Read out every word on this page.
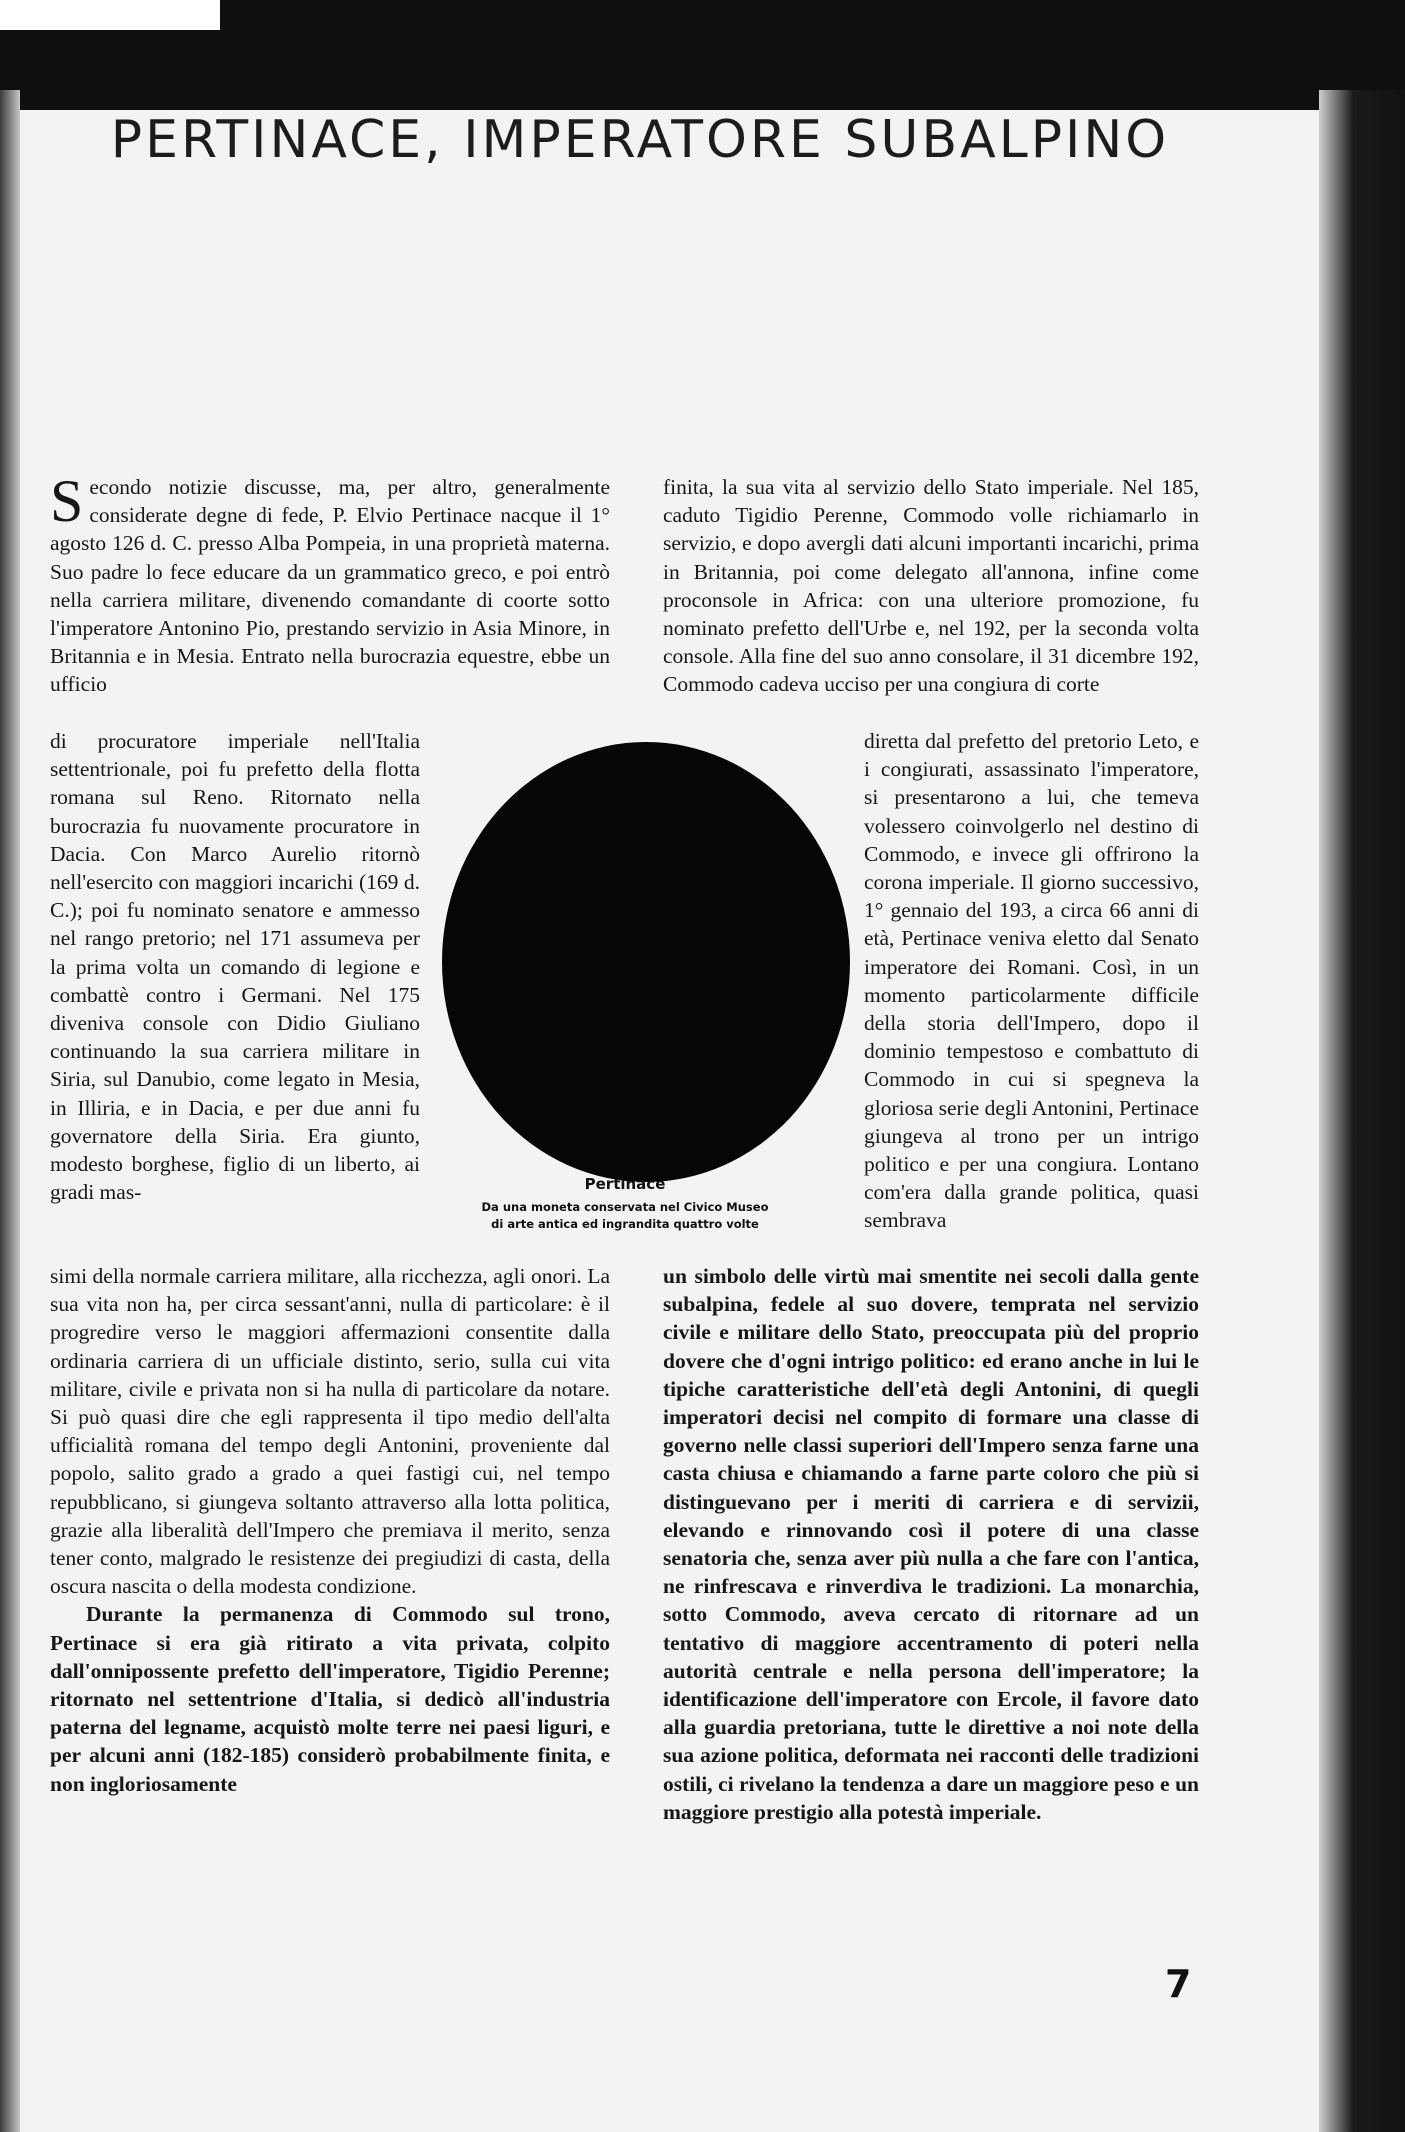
PERTINACE, IMPERATORE SUBALPINO

Secondo notizie discusse, ma, per altro, generalmente considerate degne di fede, P. Elvio Pertinace nacque il 1° agosto 126 d. C. presso Alba Pompeia, in una proprietà materna. Suo padre lo fece educare da un grammatico greco, e poi entrò nella carriera militare, divenendo comandante di coorte sotto l'imperatore Antonino Pio, prestando servizio in Asia Minore, in Britannia e in Mesia. Entrato nella burocrazia equestre, ebbe un ufficio

di procuratore imperiale nell'Italia settentrionale, poi fu prefetto della flotta romana sul Reno. Ritornato nella burocrazia fu nuovamente procuratore in Dacia. Con Marco Aurelio ritornò nell'esercito con maggiori incarichi (169 d. C.); poi fu nominato senatore e ammesso nel rango pretorio; nel 171 assumeva per la prima volta un comando di legione e combattè contro i Germani. Nel 175 diveniva console con Didio Giuliano continuando la sua carriera militare in Siria, sul Danubio, come legato in Mesia, in Illiria, e in Dacia, e per due anni fu governatore della Siria. Era giunto, modesto borghese, figlio di un liberto, ai gradi mas-	Pertinace

Da una moneta conservata nel Civico Museo

di arte antica ed ingrandita quattro volte

simi della normale carriera militare, alla ricchezza, agli onori. La sua vita non ha, per circa sessant'anni, nulla di particolare: è il progredire verso le maggiori affermazioni consentite dalla ordinaria carriera di un ufficiale distinto, serio, sulla cui vita militare, civile e privata non si ha nulla di particolare da notare. Si può quasi dire che egli rappresenta il tipo medio dell'alta ufficialità romana del tempo degli Antonini, proveniente dal popolo, salito grado a grado a quei fastigi cui, nel tempo repubblicano, si giungeva soltanto attraverso alla lotta politica, grazie alla liberalità dell'Impero che premiava il merito, senza tener conto, malgrado le resistenze dei pregiudizi di casta, della oscura nascita o della modesta condizione.

Durante la permanenza di Commodo sul trono, Pertinace si era già ritirato a vita privata, colpito dall'onnipossente prefetto dell'imperatore, Tigidio Perenne; ritornato nel settentrione d'Italia, si dedicò all'industria paterna del legname, acquistò molte terre nei paesi liguri, e per alcuni anni (182-185) considerò probabilmente finita, e non ingloriosamente

finita, la sua vita al servizio dello Stato imperiale. Nel 185, caduto Tigidio Perenne, Commodo volle richiamarlo in servizio, e dopo avergli dati alcuni importanti incarichi, prima in Britannia, poi come delegato all'annona, infine come proconsole in Africa: con una ulteriore promozione, fu nominato prefetto dell'Urbe e, nel 192, per la seconda volta console. Alla fine del suo anno consolare, il 31 dicembre 192, Commodo cadeva ucciso per una congiura di corte

diretta dal prefetto del pretorio Leto, e i congiurati, assassinato l'imperatore, si presentarono a lui, che temeva volessero coinvolgerlo nel destino di Commodo, e invece gli offrirono la corona imperiale. Il giorno successivo, 1° gennaio del 193, a circa 66 anni di età, Pertinace veniva eletto dal Senato imperatore dei Romani. Così, in un momento particolarmente difficile della storia dell'Impero, dopo il dominio tempestoso e combattuto di Commodo in cui si spegneva la gloriosa serie degli Antonini, Pertinace giungeva al trono per un intrigo politico e per una congiura. Lontano com'era dalla grande politica, quasi sembrava

un simbolo delle virtù mai smentite nei secoli dalla gente subalpina, fedele al suo dovere, temprata nel servizio civile e militare dello Stato, preoccupata più del proprio dovere che d'ogni intrigo politico: ed erano anche in lui le tipiche caratteristiche dell'età degli Antonini, di quegli imperatori decisi nel compito di formare una classe di governo nelle classi superiori dell'Impero senza farne una casta chiusa e chiamando a farne parte coloro che più si distinguevano per i meriti di carriera e di servizii, elevando e rinnovando così il potere di una classe senatoria che, senza aver più nulla a che fare con l'antica, ne rinfrescava e rinverdiva le tradizioni. La monarchia, sotto Commodo, aveva cercato di ritornare ad un tentativo di maggiore accentramento di poteri nella autorità centrale e nella persona dell'imperatore; la identificazione dell'imperatore con Ercole, il favore dato alla guardia pretoriana, tutte le direttive a noi note della sua azione politica, deformata nei racconti delle tradizioni ostili, ci rivelano la tendenza a dare un maggiore peso e un maggiore prestigio alla potestà imperiale.

7
